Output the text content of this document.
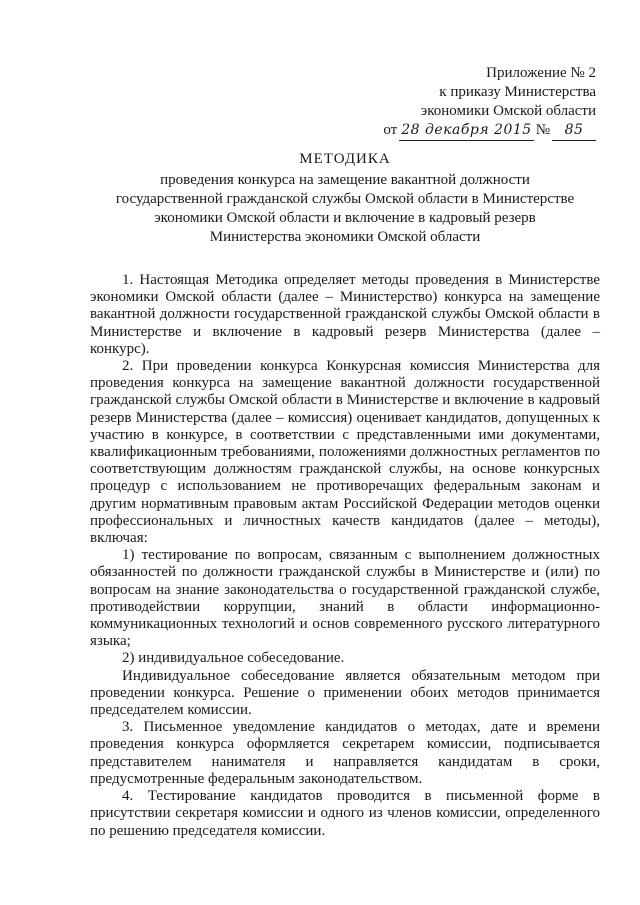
Приложение № 2
к приказу Министерства
экономики Омской области
от 28 декабря 2015 №	85
МЕТОДИКА
проведения конкурса на замещение вакантной должности
государственной гражданской службы Омской области в Министерстве
экономики Омской области и включение в кадровый резерв
Министерства экономики Омской области

1. Настоящая Методика определяет методы проведения в Министерстве экономики Омской области (далее – Министерство) конкурса на замещение вакантной должности государственной гражданской службы Омской области в Министерстве и включение в кадровый резерв Министерства (далее – конкурс).

2. При проведении конкурса Конкурсная комиссия Министерства для проведения конкурса на замещение вакантной должности государственной гражданской службы Омской области в Министерстве и включение в кадровый резерв Министерства (далее – комиссия) оценивает кандидатов, допущенных к участию в конкурсе, в соответствии с представленными ими документами, квалификационным требованиями, положениями должностных регламентов по соответствующим должностям гражданской службы, на основе конкурсных процедур с использованием не противоречащих федеральным законам и другим нормативным правовым актам Российской Федерации методов оценки профессиональных и личностных качеств кандидатов (далее – методы), включая:

1) тестирование по вопросам, связанным с выполнением должностных обязанностей по должности гражданской службы в Министерстве и (или) по вопросам на знание законодательства о государственной гражданской службе, противодействии коррупции, знаний в области информационно-коммуникационных технологий и основ современного русского литературного языка;

2) индивидуальное собеседование.

Индивидуальное собеседование является обязательным методом при проведении конкурса. Решение о применении обоих методов принимается председателем комиссии.

3. Письменное уведомление кандидатов о методах, дате и времени проведения конкурса оформляется секретарем комиссии, подписывается представителем нанимателя и направляется кандидатам в сроки, предусмотренные федеральным законодательством.

4. Тестирование кандидатов проводится в письменной форме в присутствии секретаря комиссии и одного из членов комиссии, определенного по решению председателя комиссии.
